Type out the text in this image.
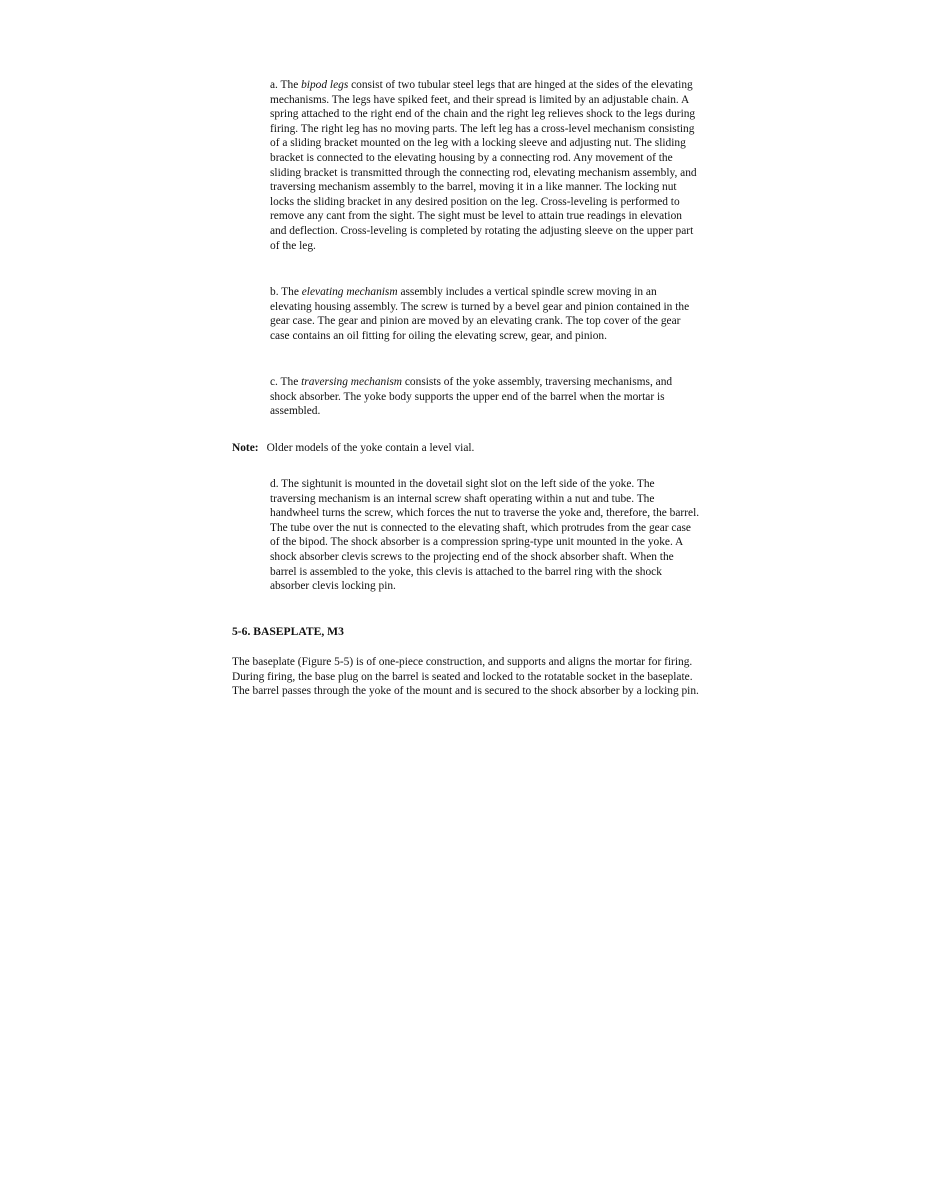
a. The bipod legs consist of two tubular steel legs that are hinged at the sides of the elevating mechanisms. The legs have spiked feet, and their spread is limited by an adjustable chain. A spring attached to the right end of the chain and the right leg relieves shock to the legs during firing. The right leg has no moving parts. The left leg has a cross-level mechanism consisting of a sliding bracket mounted on the leg with a locking sleeve and adjusting nut. The sliding bracket is connected to the elevating housing by a connecting rod. Any movement of the sliding bracket is transmitted through the connecting rod, elevating mechanism assembly, and traversing mechanism assembly to the barrel, moving it in a like manner. The locking nut locks the sliding bracket in any desired position on the leg. Cross-leveling is performed to remove any cant from the sight. The sight must be level to attain true readings in elevation and deflection. Cross-leveling is completed by rotating the adjusting sleeve on the upper part of the leg.

b. The elevating mechanism assembly includes a vertical spindle screw moving in an elevating housing assembly. The screw is turned by a bevel gear and pinion contained in the gear case. The gear and pinion are moved by an elevating crank. The top cover of the gear case contains an oil fitting for oiling the elevating screw, gear, and pinion.

c. The traversing mechanism consists of the yoke assembly, traversing mechanisms, and shock absorber. The yoke body supports the upper end of the barrel when the mortar is assembled.

Note: Older models of the yoke contain a level vial.

d. The sightunit is mounted in the dovetail sight slot on the left side of the yoke. The traversing mechanism is an internal screw shaft operating within a nut and tube. The handwheel turns the screw, which forces the nut to traverse the yoke and, therefore, the barrel. The tube over the nut is connected to the elevating shaft, which protrudes from the gear case of the bipod. The shock absorber is a compression spring-type unit mounted in the yoke. A shock absorber clevis screws to the projecting end of the shock absorber shaft. When the barrel is assembled to the yoke, this clevis is attached to the barrel ring with the shock absorber clevis locking pin.

5-6. BASEPLATE, M3

The baseplate (Figure 5-5) is of one-piece construction, and supports and aligns the mortar for firing. During firing, the base plug on the barrel is seated and locked to the rotatable socket in the baseplate. The barrel passes through the yoke of the mount and is secured to the shock absorber by a locking pin.
